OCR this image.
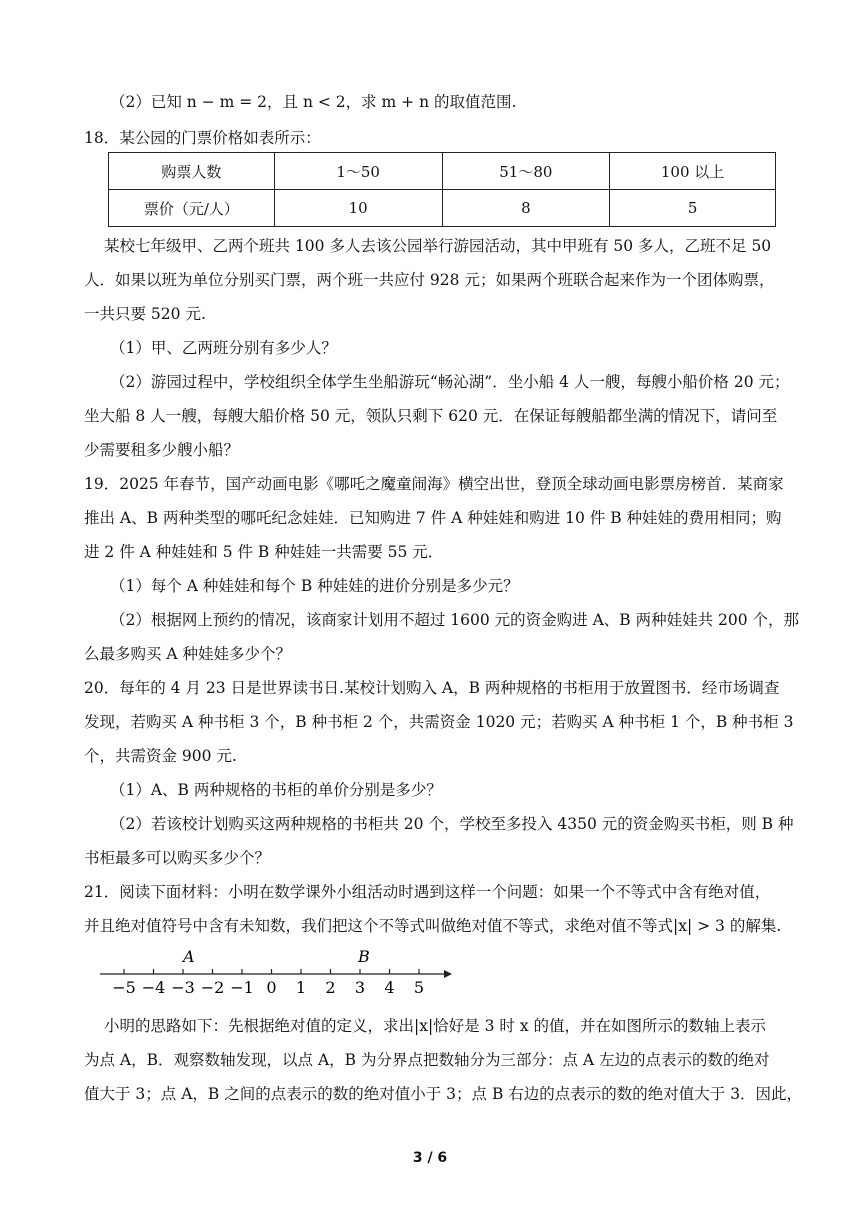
（2）已知 n − m = 2，且 n < 2，求 m + n 的取值范围.
18．某公园的门票价格如表所示：
购票人数	1～50	51～80	100 以上
票价（元/人）	10	8	5
某校七年级甲、乙两个班共 100 多人去该公园举行游园活动，其中甲班有 50 多人，乙班不足 50
人．如果以班为单位分别买门票，两个班一共应付 928 元；如果两个班联合起来作为一个团体购票，
一共只要 520 元.
（1）甲、乙两班分别有多少人？
（2）游园过程中，学校组织全体学生坐船游玩“畅沁湖”．坐小船 4 人一艘，每艘小船价格 20 元；
坐大船 8 人一艘，每艘大船价格 50 元，领队只剩下 620 元．在保证每艘船都坐满的情况下，请问至
少需要租多少艘小船？
19．2025 年春节，国产动画电影《哪吒之魔童闹海》横空出世，登顶全球动画电影票房榜首．某商家
推出 A、B 两种类型的哪吒纪念娃娃．已知购进 7 件 A 种娃娃和购进 10 件 B 种娃娃的费用相同；购
进 2 件 A 种娃娃和 5 件 B 种娃娃一共需要 55 元．
（1）每个 A 种娃娃和每个 B 种娃娃的进价分别是多少元？
（2）根据网上预约的情况，该商家计划用不超过 1600 元的资金购进 A、B 两种娃娃共 200 个，那
么最多购买 A 种娃娃多少个？
20．每年的 4 月 23 日是世界读书日.某校计划购入 A，B 两种规格的书柜用于放置图书．经市场调查
发现，若购买 A 种书柜 3 个，B 种书柜 2 个，共需资金 1020 元；若购买 A 种书柜 1 个，B 种书柜 3
个，共需资金 900 元.
（1）A、B 两种规格的书柜的单价分别是多少？
（2）若该校计划购买这两种规格的书柜共 20 个，学校至多投入 4350 元的资金购买书柜，则 B 种
书柜最多可以购买多少个？
21．阅读下面材料：小明在数学课外小组活动时遇到这样一个问题：如果一个不等式中含有绝对值，
并且绝对值符号中含有未知数，我们把这个不等式叫做绝对值不等式，求绝对值不等式|x| > 3 的解集.
−5 −4 −3 −2 −1 0 1 2 3 4 5
A	B
小明的思路如下：先根据绝对值的定义，求出|x|恰好是 3 时 x 的值，并在如图所示的数轴上表示
为点 A，B．观察数轴发现，以点 A，B 为分界点把数轴分为三部分：点 A 左边的点表示的数的绝对
值大于 3；点 A，B 之间的点表示的数的绝对值小于 3；点 B 右边的点表示的数的绝对值大于 3．因此，
3 / 6
